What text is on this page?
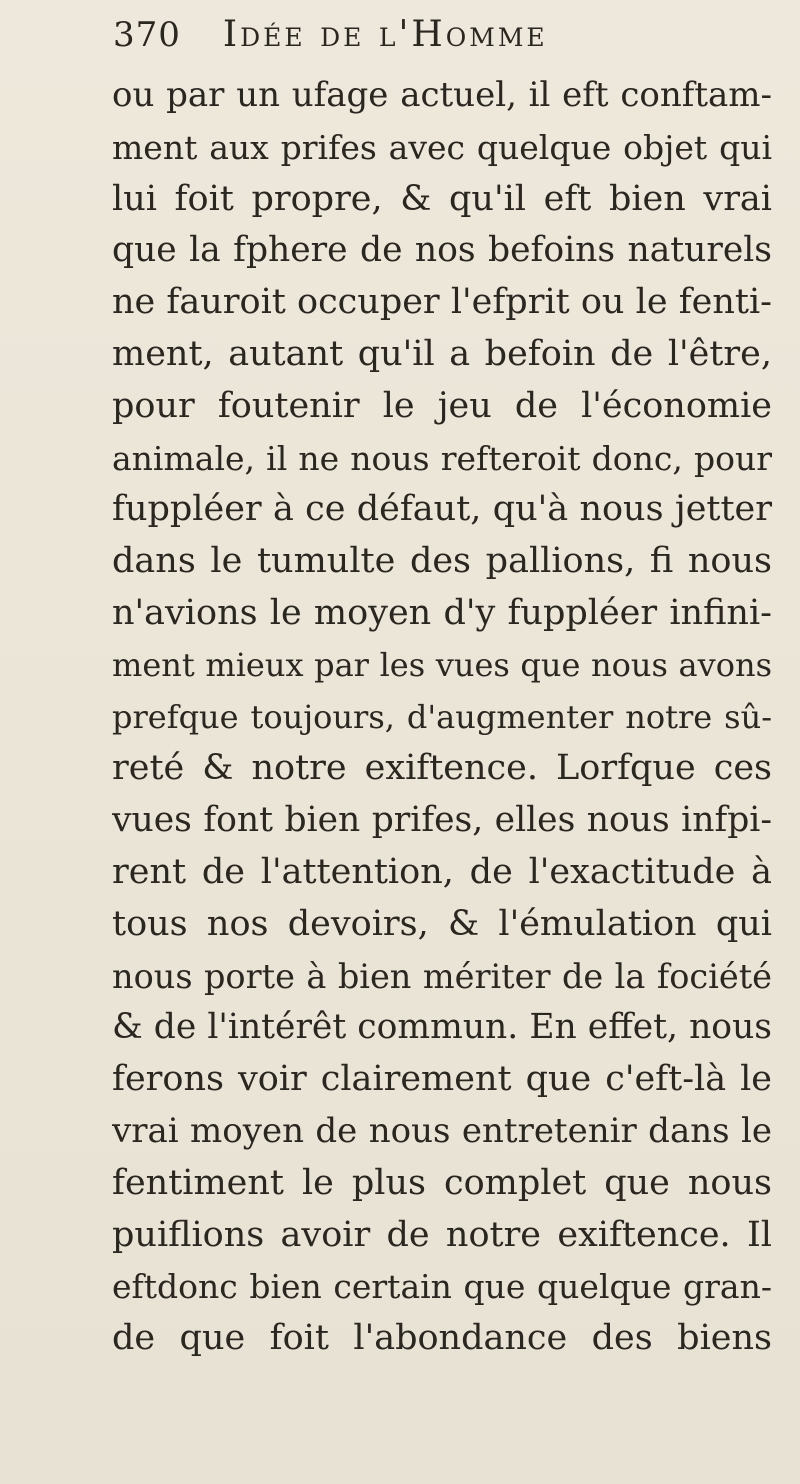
370 Idée de l'Homme
ou par un ufage actuel, il eft conftam-
ment aux prifes avec quelque objet qui
lui foit propre, & qu'il eft bien vrai
que la fphere de nos befoins naturels
ne fauroit occuper l'efprit ou le fenti-
ment, autant qu'il a befoin de l'être,
pour foutenir le jeu de l'économie
animale, il ne nous refteroit donc, pour
fuppléer à ce défaut, qu'à nous jetter
dans le tumulte des pallions, fi nous
n'avions le moyen d'y fuppléer infini-
ment mieux par les vues que nous avons
prefque toujours, d'augmenter notre sû-
reté & notre exiftence. Lorfque ces
vues font bien prifes, elles nous infpi-
rent de l'attention, de l'exactitude à
tous nos devoirs, & l'émulation qui
nous porte à bien mériter de la fociété
& de l'intérêt commun. En effet, nous
ferons voir clairement que c'eft-là le
vrai moyen de nous entretenir dans le
fentiment le plus complet que nous
puiflions avoir de notre exiftence. Il
eftdonc bien certain que quelque gran-
de que foit l'abondance des biens
